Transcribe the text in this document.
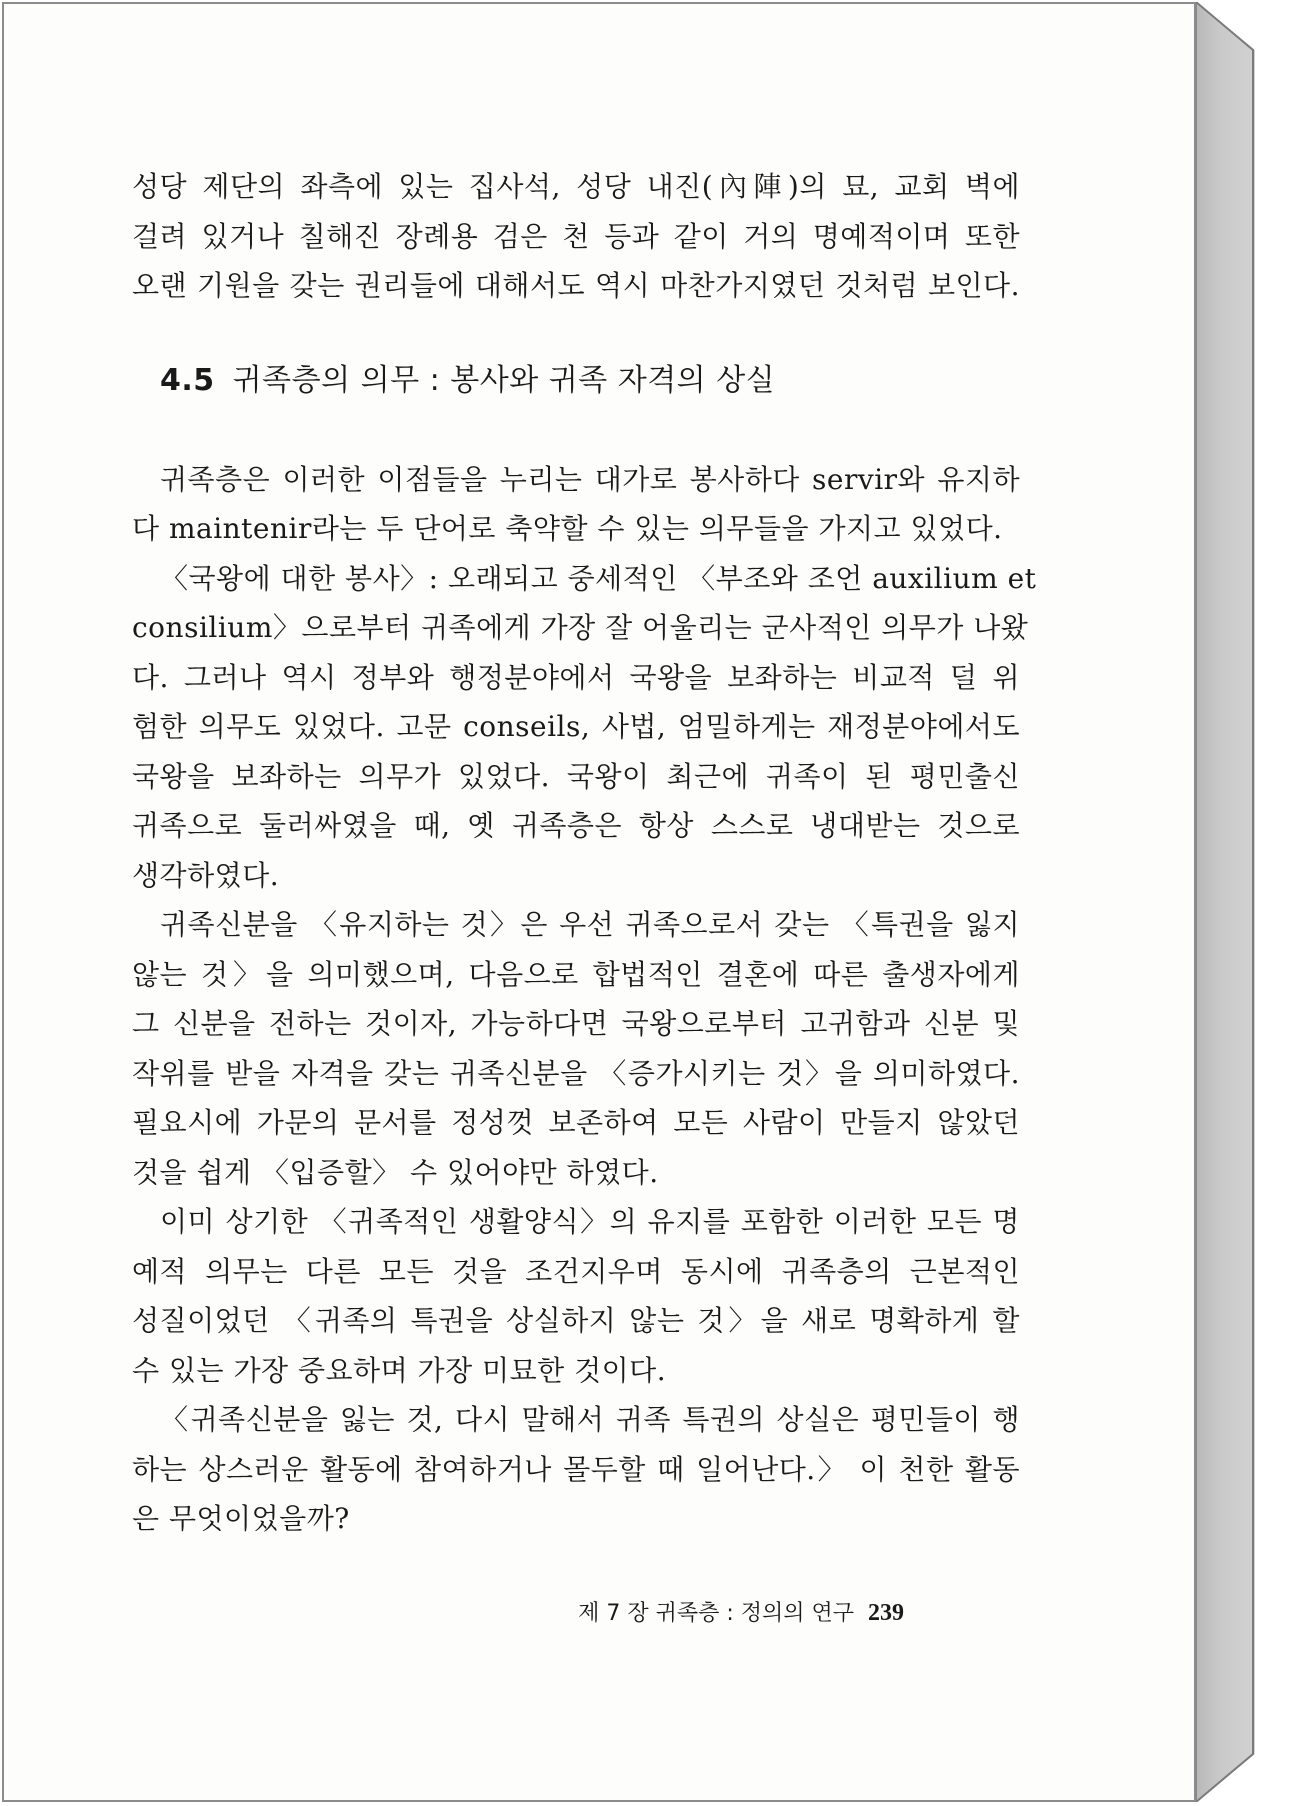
성당 제단의 좌측에 있는 집사석, 성당 내진(內陣)의 묘, 교회 벽에
걸려 있거나 칠해진 장례용 검은 천 등과 같이 거의 명예적이며 또한
오랜 기원을 갖는 권리들에 대해서도 역시 마찬가지였던 것처럼 보인다.
4.5 귀족층의 의무 : 봉사와 귀족 자격의 상실
귀족층은 이러한 이점들을 누리는 대가로 봉사하다 servir와 유지하
다 maintenir라는 두 단어로 축약할 수 있는 의무들을 가지고 있었다.
〈국왕에 대한 봉사〉: 오래되고 중세적인 〈부조와 조언 auxilium et
consilium〉으로부터 귀족에게 가장 잘 어울리는 군사적인 의무가 나왔
다. 그러나 역시 정부와 행정분야에서 국왕을 보좌하는 비교적 덜 위
험한 의무도 있었다. 고문 conseils, 사법, 엄밀하게는 재정분야에서도
국왕을 보좌하는 의무가 있었다. 국왕이 최근에 귀족이 된 평민출신
귀족으로 둘러싸였을 때, 옛 귀족층은 항상 스스로 냉대받는 것으로
생각하였다.
귀족신분을 〈유지하는 것〉은 우선 귀족으로서 갖는 〈특권을 잃지
않는 것〉을 의미했으며, 다음으로 합법적인 결혼에 따른 출생자에게
그 신분을 전하는 것이자, 가능하다면 국왕으로부터 고귀함과 신분 및
작위를 받을 자격을 갖는 귀족신분을 〈증가시키는 것〉을 의미하였다.
필요시에 가문의 문서를 정성껏 보존하여 모든 사람이 만들지 않았던
것을 쉽게 〈입증할〉 수 있어야만 하였다.
이미 상기한 〈귀족적인 생활양식〉의 유지를 포함한 이러한 모든 명
예적 의무는 다른 모든 것을 조건지우며 동시에 귀족층의 근본적인
성질이었던 〈귀족의 특권을 상실하지 않는 것〉을 새로 명확하게 할
수 있는 가장 중요하며 가장 미묘한 것이다.
〈귀족신분을 잃는 것, 다시 말해서 귀족 특권의 상실은 평민들이 행
하는 상스러운 활동에 참여하거나 몰두할 때 일어난다.〉 이 천한 활동
은 무엇이었을까?
제 7 장 귀족층 : 정의의 연구 239
